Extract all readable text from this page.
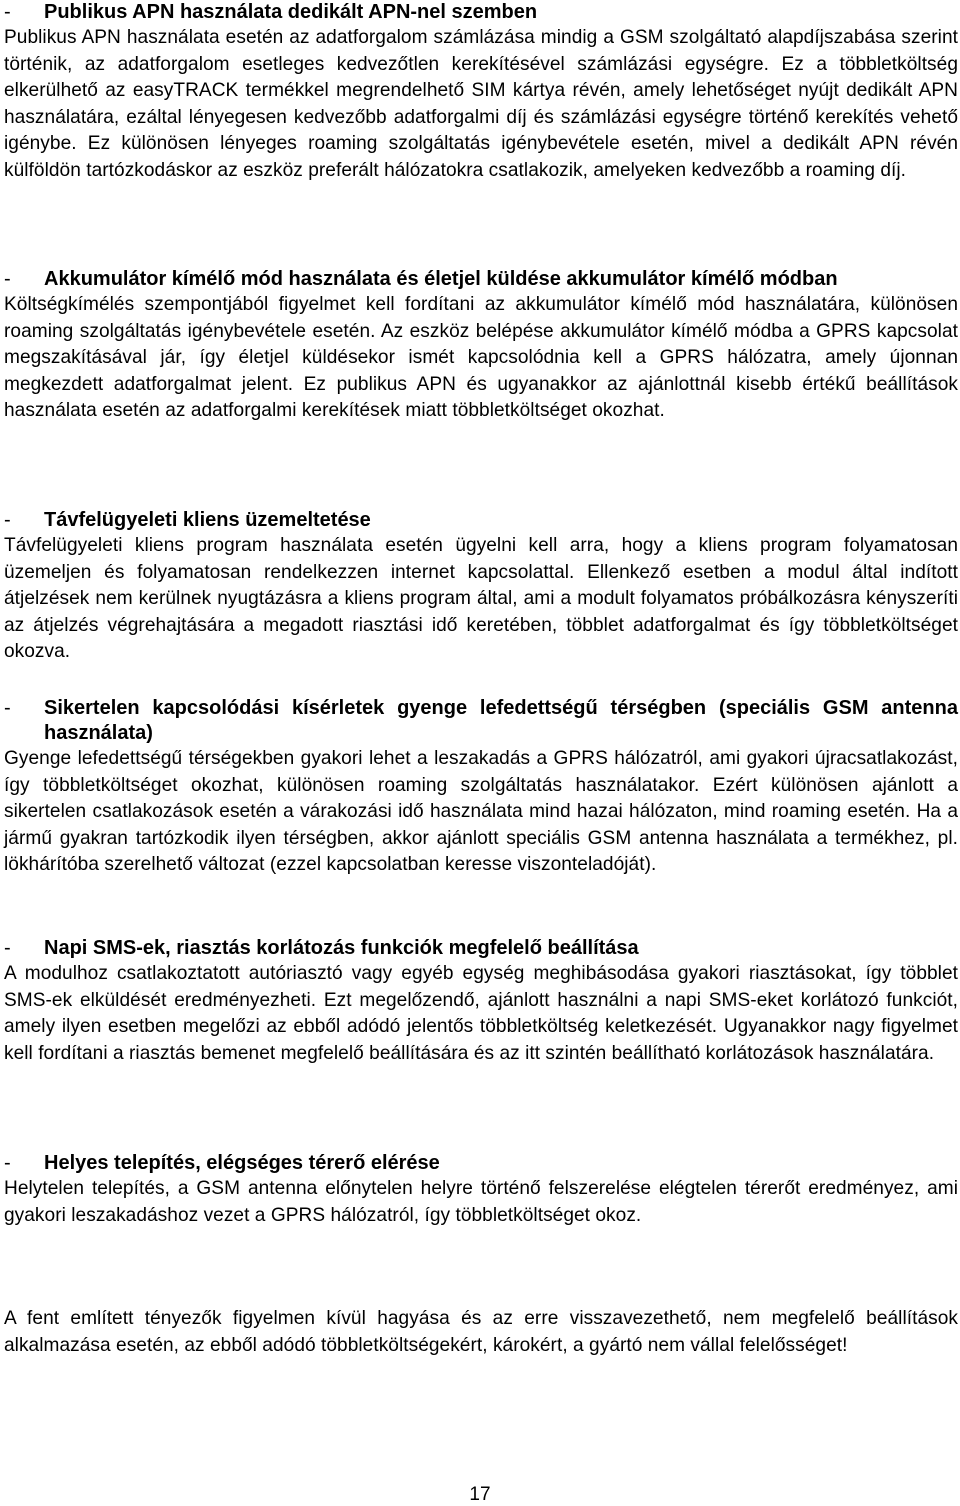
-	Publikus APN használata dedikált APN-nel szemben

Publikus APN használata esetén az adatforgalom számlázása mindig a GSM szolgáltató alapdíjszabása szerint történik, az adatforgalom esetleges kedvezőtlen kerekítésével számlázási egységre. Ez a többletköltség elkerülhető az easyTRACK termékkel megrendelhető SIM kártya révén, amely lehetőséget nyújt dedikált APN használatára, ezáltal lényegesen kedvezőbb adatforgalmi díj és számlázási egységre történő kerekítés vehető igénybe. Ez különösen lényeges roaming szolgáltatás igénybevétele esetén, mivel a dedikált APN révén külföldön tartózkodáskor az eszköz preferált hálózatokra csatlakozik, amelyeken kedvezőbb a roaming díj.

-	Akkumulátor kímélő mód használata és életjel küldése akkumulátor kímélő módban

Költségkímélés szempontjából figyelmet kell fordítani az akkumulátor kímélő mód használatára, különösen roaming szolgáltatás igénybevétele esetén. Az eszköz belépése akkumulátor kímélő módba a GPRS kapcsolat megszakításával jár, így életjel küldésekor ismét kapcsolódnia kell a GPRS hálózatra, amely újonnan megkezdett adatforgalmat jelent. Ez publikus APN és ugyanakkor az ajánlottnál kisebb értékű beállítások használata esetén az adatforgalmi kerekítések miatt többletköltséget okozhat.

-	Távfelügyeleti kliens üzemeltetése

Távfelügyeleti kliens program használata esetén ügyelni kell arra, hogy a kliens program folyamatosan üzemeljen és folyamatosan rendelkezzen internet kapcsolattal. Ellenkező esetben a modul által indított átjelzések nem kerülnek nyugtázásra a kliens program által, ami a modult folyamatos próbálkozásra kényszeríti az átjelzés végrehajtására a megadott riasztási idő keretében, többlet adatforgalmat és így többletköltséget okozva.

-	Sikertelen kapcsolódási kísérletek gyenge lefedettségű térségben (speciális GSM antenna használata)

Gyenge lefedettségű térségekben gyakori lehet a leszakadás a GPRS hálózatról, ami gyakori újracsatlakozást, így többletköltséget okozhat, különösen roaming szolgáltatás használatakor. Ezért különösen ajánlott a sikertelen csatlakozások esetén a várakozási idő használata mind hazai hálózaton, mind roaming esetén. Ha a jármű gyakran tartózkodik ilyen térségben, akkor ajánlott speciális GSM antenna használata a termékhez, pl. lökhárítóba szerelhető változat (ezzel kapcsolatban keresse viszonteladóját).

-	Napi SMS-ek, riasztás korlátozás funkciók megfelelő beállítása

A modulhoz csatlakoztatott autóriasztó vagy egyéb egység meghibásodása gyakori riasztásokat, így többlet SMS-ek elküldését eredményezheti. Ezt megelőzendő, ajánlott használni a napi SMS-eket korlátozó funkciót, amely ilyen esetben megelőzi az ebből adódó jelentős többletköltség keletkezését. Ugyanakkor nagy figyelmet kell fordítani a riasztás bemenet megfelelő beállítására és az itt szintén beállítható korlátozások használatára.

-	Helyes telepítés, elégséges térerő elérése

Helytelen telepítés, a GSM antenna előnytelen helyre történő felszerelése elégtelen térerőt eredményez, ami gyakori leszakadáshoz vezet a GPRS hálózatról, így többletköltséget okoz.

A fent említett tényezők figyelmen kívül hagyása és az erre visszavezethető, nem megfelelő beállítások alkalmazása esetén, az ebből adódó többletköltségekért, károkért, a gyártó nem vállal felelősséget!

17
